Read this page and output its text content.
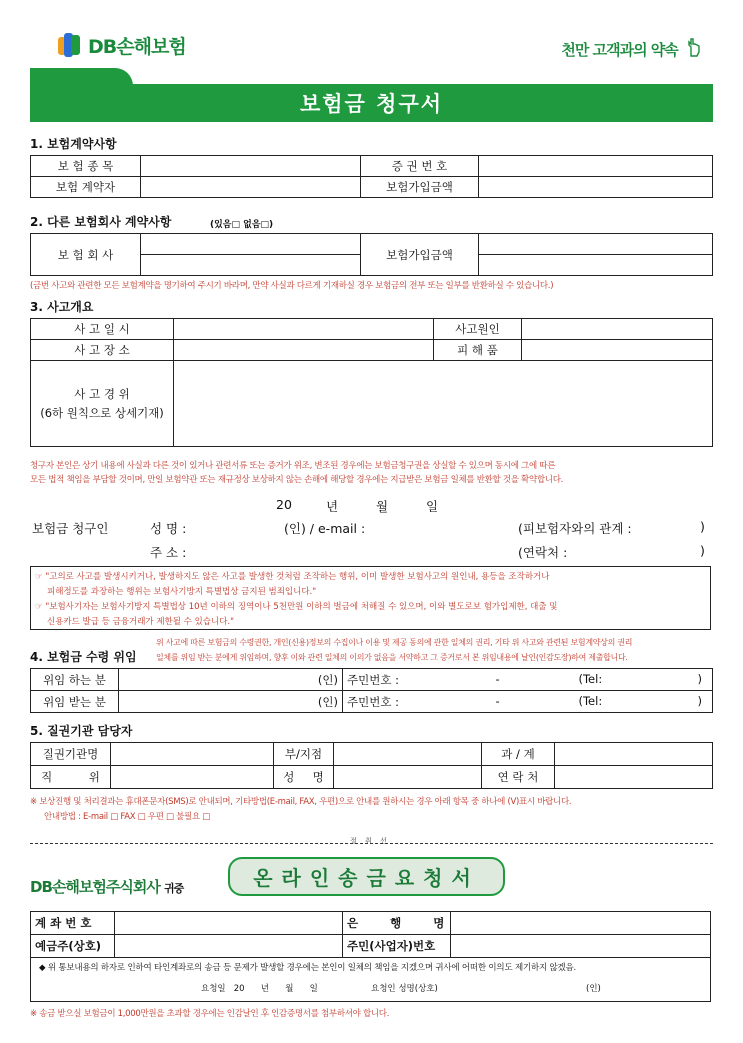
DB손해보험	천만 고객과의 약속
보험금 청구서
1. 보험계약사항
보 험 종 목		증 권 번 호	
보험 계약자		보험가입금액	
2. 다른 보험회사 계약사항	(있음□ 없음□)
보 험 회 사		보험가입금액	

(금번 사고와 관련한 모든 보험계약을 명기하여 주시기 바라며, 만약 사실과 다르게 기재하실 경우 보험금의 전부 또는 일부를 반환하실 수 있습니다.)
3. 사고개요
사 고 일 시		사고원인	
사 고 장 소		피 해 품	
사 고 경 위
(6하 원칙으로 상세기재)			
청구자 본인은 상기 내용에 사실과 다른 것이 있거나 관련서류 또는 증거가 위조, 변조된 경우에는 보험금청구권을 상실할 수 있으며 동시에 그에 따른
모든 법적 책임을 부담할 것이며, 만일 보험약관 또는 재규정상 보상하지 않는 손해에 해당할 경우에는 지급받은 보험금 일체를 반환할 것을 확약합니다.
20	년	월	일
보험금 청구인	성 명 :	(인) / e-mail :	(피보험자와의 관계 :	)
주 소 :	(연락처 :	)
☞ "고의로 사고를 발생시키거나, 발생하지도 않은 사고를 발생한 것처럼 조작하는 행위, 이미 발생한 보험사고의 원인내, 용등을 조작하거나
피해정도를 과장하는 행위는 보험사기방지 특별법상 금지된 범죄입니다."
☞ "보험사기자는 보험사기방지 특별법상 10년 이하의 징역이나 5천만원 이하의 벌금에 처해질 수 있으며, 이와 별도로보 험가입제한, 대출 및
신용카드 발급 등 금융거래가 제한될 수 있습니다."
위 사고에 따른 보험금의 수령권한, 개인(신용)정보의 수집이나 이용 및 제공 동의에 관한 일체의 권리, 기타 위 사고와 관련된 보험계약상의 권리
4. 보험금 수령 위임 일체를 위임 받는 분에게 위임하며, 향후 이와 관련 일체의 이의가 없음을 서약하고 그 증거로서 본 위임내용에 날인(인감도장)하여 제출합니다.
위임 하는 분	(인)	주민번호 : - (Tel: )

위임 받는 분	(인)	주민번호 : - (Tel: )
5. 질권기관 담당자
질권기관명		부/지점		과 / 계	
직          위		성     명		연 락 처	
※ 보상진행 및 처리결과는 휴대폰문자(SMS)로 안내되며, 기타방법(E-mail, FAX, 우편)으로 안내를 원하시는 경우 아래 항목 중 하나에 (V)표시 바랍니다.
안내방법 : E-mail □ FAX □ 우편 □ 불필요 □
절 취 선
DB손해보험주식회사 귀중	온라인송금요청서
계 좌 번 호		은        행        명	
예금주(상호)		주민(사업자)번호	

◆ 위 통보내용의 하자로 인하여 타인계좌로의 송금 등 문제가 발생할 경우에는 본인이 일체의 책임을 지겠으며 귀사에 어떠한 이의도 제기하지 않겠음.
요청일   20      년      월      일 요청인 성명(상호) (인)			
※ 송금 받으실 보험금이 1,000만원을 초과할 경우에는 인감날인 후 인감증명서를 첨부하셔야 합니다.
